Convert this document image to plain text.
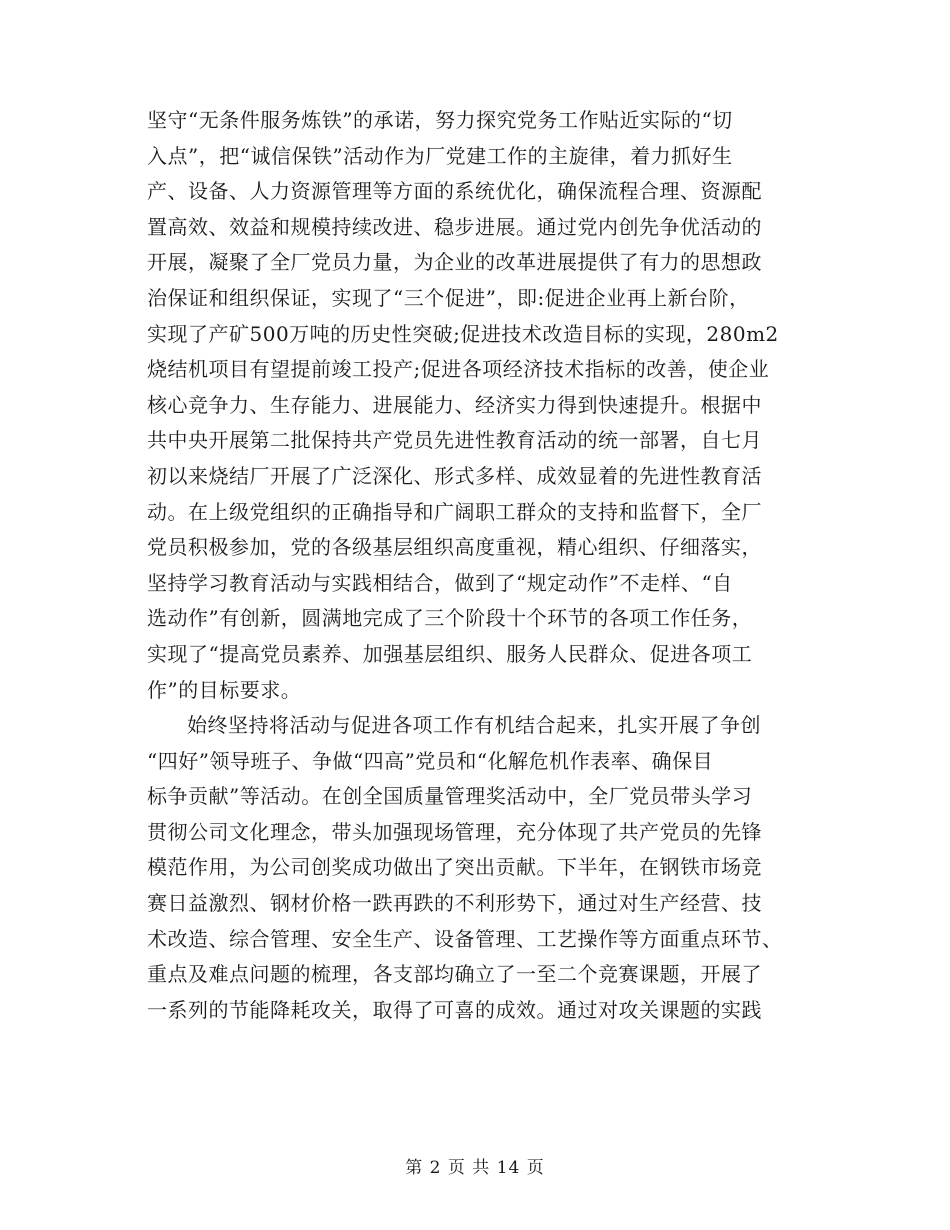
坚守“无条件服务炼铁”的承诺，努力探究党务工作贴近实际的“切

入点”，把“诚信保铁”活动作为厂党建工作的主旋律，着力抓好生

产、设备、人力资源管理等方面的系统优化，确保流程合理、资源配

置高效、效益和规模持续改进、稳步进展。通过党内创先争优活动的

开展，凝聚了全厂党员力量，为企业的改革进展提供了有力的思想政

治保证和组织保证，实现了“三个促进”，即:促进企业再上新台阶，

实现了产矿500万吨的历史性突破;促进技术改造目标的实现，280m2

烧结机项目有望提前竣工投产;促进各项经济技术指标的改善，使企业

核心竞争力、生存能力、进展能力、经济实力得到快速提升。根据中

共中央开展第二批保持共产党员先进性教育活动的统一部署，自七月

初以来烧结厂开展了广泛深化、形式多样、成效显着的先进性教育活

动。在上级党组织的正确指导和广阔职工群众的支持和监督下，全厂

党员积极参加，党的各级基层组织高度重视，精心组织、仔细落实，

坚持学习教育活动与实践相结合，做到了“规定动作”不走样、“自

选动作”有创新，圆满地完成了三个阶段十个环节的各项工作任务，

实现了“提高党员素养、加强基层组织、服务人民群众、促进各项工

作”的目标要求。

始终坚持将活动与促进各项工作有机结合起来，扎实开展了争创

“四好”领导班子、争做“四高”党员和“化解危机作表率、确保目

标争贡献”等活动。在创全国质量管理奖活动中，全厂党员带头学习

贯彻公司文化理念，带头加强现场管理，充分体现了共产党员的先锋

模范作用，为公司创奖成功做出了突出贡献。下半年，在钢铁市场竞

赛日益激烈、钢材价格一跌再跌的不利形势下，通过对生产经营、技

术改造、综合管理、安全生产、设备管理、工艺操作等方面重点环节、

重点及难点问题的梳理，各支部均确立了一至二个竞赛课题，开展了

一系列的节能降耗攻关，取得了可喜的成效。通过对攻关课题的实践

第 2 页 共 14 页
